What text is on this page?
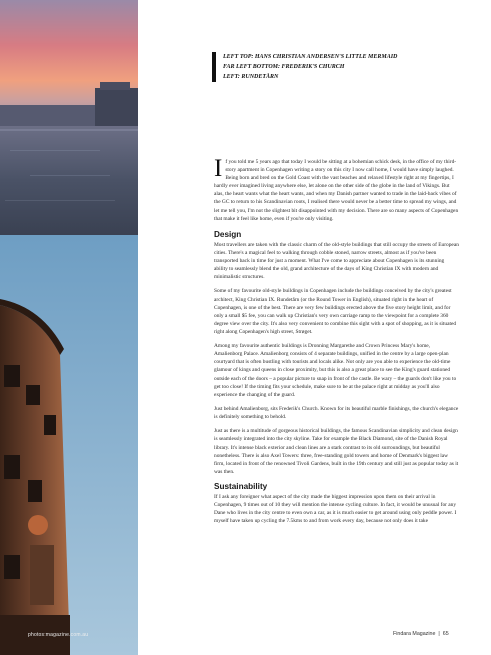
photos:magazine.com.au
LEFT TOP: HANS CHRISTIAN ANDERSEN'S LITTLE MERMAID
FAR LEFT BOTTOM: FREDERIK'S CHURCH
LEFT: RUNDETÅRN

If you told me 5 years ago that today I would be sitting at a bohemian schick desk, in the office of my third-story apartment in Copenhagen writing a story on this city I now call home, I would have simply laughed. Being born and bred on the Gold Coast with the vast beaches and relaxed lifestyle right at my fingertips, I hardly ever imagined living anywhere else, let alone on the other side of the globe in the land of Vikings. But alas, the heart wants what the heart wants, and when my Danish partner wanted to trade in the laid-back vibes of the GC to return to his Scandinavian roots, I realised there would never be a better time to spread my wings, and let me tell you, I'm not the slightest bit disappointed with my decision. There are so many aspects of Copenhagen that make it feel like home, even if you're only visiting.

Design

Most travellers are taken with the classic charm of the old-style buildings that still occupy the streets of European cities. There's a magical feel to walking through cobble stoned, narrow streets, almost as if you've been transported back in time for just a moment. What I've come to appreciate about Copenhagen is its stunning ability to seamlessly blend the old, grand architecture of the days of King Christian IX with modern and minimalistic structures.

Some of my favourite old-style buildings in Copenhagen include the buildings conceived by the city's greatest architect, King Christian IX. Rundetårn (or the Round Tower in English), situated right in the heart of Copenhagen, is one of the best. There are very few buildings erected above the five story height limit, and for only a small $5 fee, you can walk up Christian's very own carriage ramp to the viewpoint for a complete 360 degree view over the city. It's also very convenient to combine this sight with a spot of shopping, as it is situated right along Copenhagen's high street, Strøget.

Among my favourite authentic buildings is Dronning Margarethe and Crown Princess Mary's home, Amalienborg Palace. Amalienborg consists of 4 separate buildings, unified in the centre by a large open-plan courtyard that is often bustling with tourists and locals alike. Not only are you able to experience the old-time glamour of kings and queens in close proximity, but this is also a great place to see the King's guard stationed outside each of the doors – a popular picture to snap in front of the castle. Be wary – the guards don't like you to get too close! If the timing fits your schedule, make sure to be at the palace right at midday as you'll also experience the changing of the guard.

Just behind Amalienborg, sits Frederik's Church. Known for its beautiful marble finishings, the church's elegance is definitely something to behold.

Just as there is a multitude of gorgeous historical buildings, the famous Scandinavian simplicity and clean design is seamlessly integrated into the city skyline. Take for example the Black Diamond, site of the Danish Royal library. It's intense black exterior and clean lines are a stark contrast to its old surroundings, but beautiful nonetheless. There is also Axel Towers: three, free-standing gold towers and home of Denmark's biggest law firm, located in front of the renowned Tivoli Gardens, built in the 19th century and still just as popular today as it was then.

Sustainability

If I ask any foreigner what aspect of the city made the biggest impression upon them on their arrival in Copenhagen, 9 times out of 10 they will mention the intense cycling culture. In fact, it would be unusual for any Dane who lives in the city centre to even own a car, as it is much easier to get around using only peddle power. I myself have taken up cycling the 7.5kms to and from work every day, because not only does it take

Findara Magazine | 65
